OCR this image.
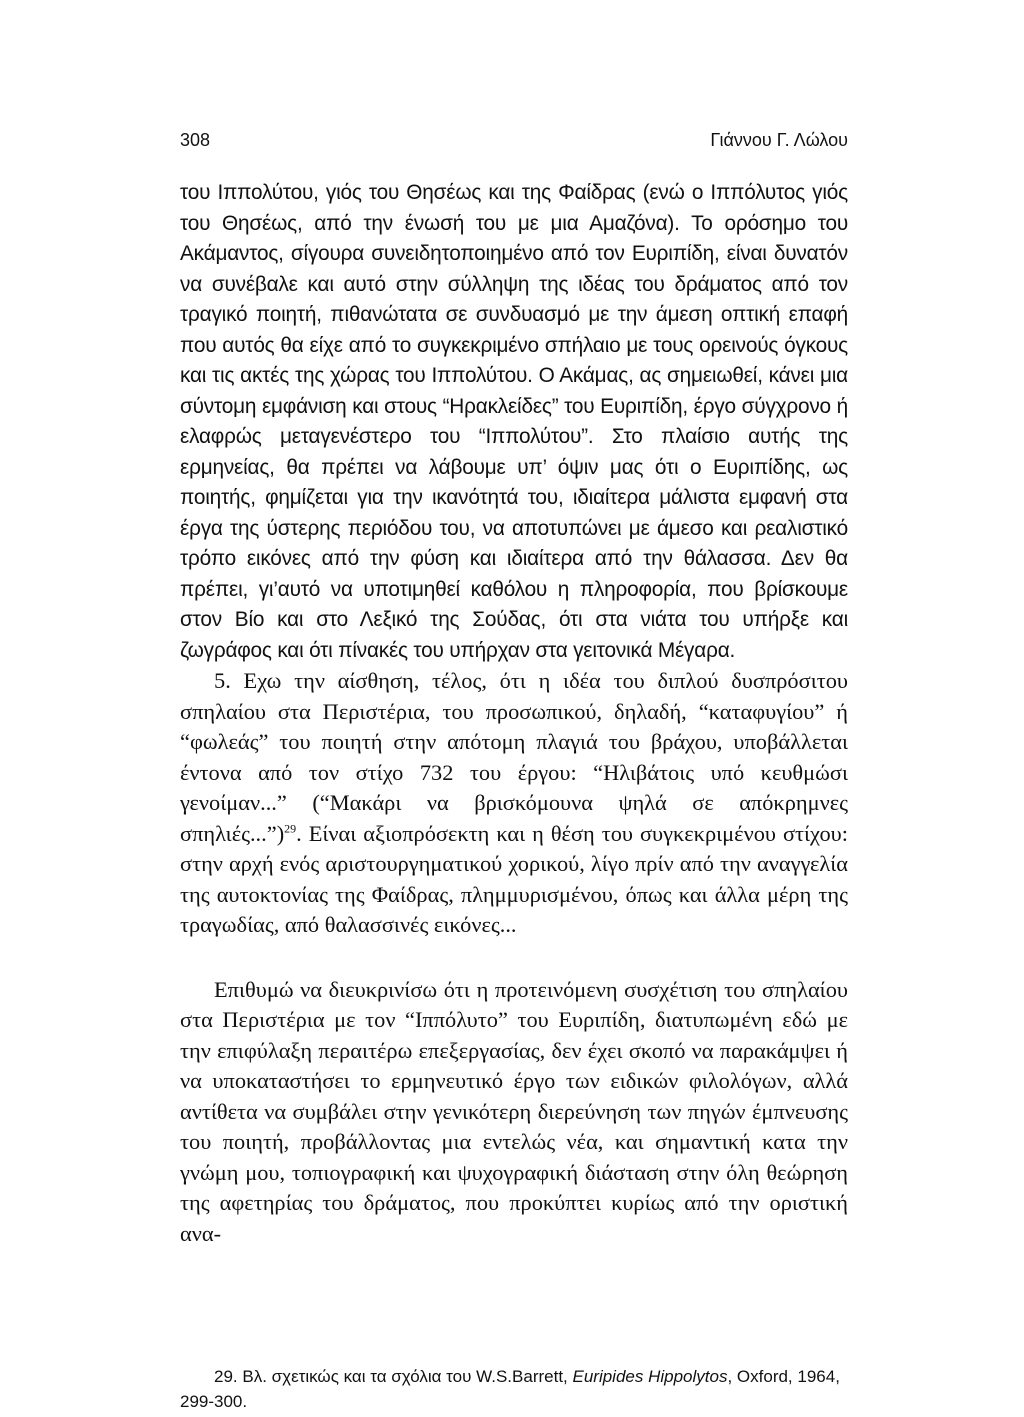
308	Γιάννου Γ. Λώλου

του Ιππολύτου, γιός του Θησέως και της Φαίδρας (ενώ ο Ιππόλυτος γιός του Θησέως, από την ένωσή του με μια Αμαζόνα). Το ορόσημο του Ακάμαντος, σίγουρα συνειδητοποιημένο από τον Ευριπίδη, είναι δυνατόν να συνέβαλε και αυτό στην σύλληψη της ιδέας του δράματος από τον τραγικό ποιητή, πιθανώτατα σε συνδυασμό με την άμεση οπτική επαφή που αυτός θα είχε από το συγκεκριμένο σπήλαιο με τους ορεινούς όγκους και τις ακτές της χώρας του Ιππολύτου. Ο Ακάμας, ας σημειωθεί, κάνει μια σύντομη εμφάνιση και στους “Ηρακλείδες” του Ευριπίδη, έργο σύγχρονο ή ελαφρώς μεταγενέστερο του “Ιππολύτου”. Στο πλαίσιο αυτής της ερμηνείας, θα πρέπει να λάβουμε υπ’ όψιν μας ότι ο Ευριπίδης, ως ποιητής, φημίζεται για την ικανότητά του, ιδιαίτερα μάλιστα εμφανή στα έργα της ύστερης περιόδου του, να αποτυπώνει με άμεσο και ρεαλιστικό τρόπο εικόνες από την φύση και ιδιαίτερα από την θάλασσα. Δεν θα πρέπει, γι’αυτό να υποτιμηθεί καθόλου η πληροφορία, που βρίσκουμε στον Βίο και στο Λεξικό της Σούδας, ότι στα νιάτα του υπήρξε και ζωγράφος και ότι πίνακές του υπήρχαν στα γειτονικά Μέγαρα.

5. Εχω την αίσθηση, τέλος, ότι η ιδέα του διπλού δυσπρόσιτου σπηλαίου στα Περιστέρια, του προσωπικού, δηλαδή, “καταφυγίου” ή “φωλεάς” του ποιητή στην απότομη πλαγιά του βράχου, υποβάλλεται έντονα από τον στίχο 732 του έργου: “Ηλιβάτοις υπό κευθμώσι γενοίμαν...” (“Μακάρι να βρισκόμουνα ψηλά σε απόκρημνες σπηλιές...”)$^{29}$. Είναι αξιοπρόσεκτη και η θέση του συγκεκριμένου στίχου: στην αρχή ενός αριστουργηματικού χορικού, λίγο πρίν από την αναγγελία της αυτοκτονίας της Φαίδρας, πλημμυρισμένου, όπως και άλλα μέρη της τραγωδίας, από θαλασσινές εικόνες...

Επιθυμώ να διευκρινίσω ότι η προτεινόμενη συσχέτιση του σπηλαίου στα Περιστέρια με τον “Ιππόλυτο” του Ευριπίδη, διατυπωμένη εδώ με την επιφύλαξη περαιτέρω επεξεργασίας, δεν έχει σκοπό να παρακάμψει ή να υποκαταστήσει το ερμηνευτικό έργο των ειδικών φιλολόγων, αλλά αντίθετα να συμβάλει στην γενικότερη διερεύνηση των πηγών έμπνευσης του ποιητή, προβάλλοντας μια εντελώς νέα, και σημαντική κατα την γνώμη μου, τοπιογραφική και ψυχογραφική διάσταση στην όλη θεώρηση της αφετηρίας του δράματος, που προκύπτει κυρίως από την οριστική ανα-

29. Βλ. σχετικώς και τα σχόλια του W.S.Barrett, Euripides Hippolytos, Oxford, 1964, 299-300.
